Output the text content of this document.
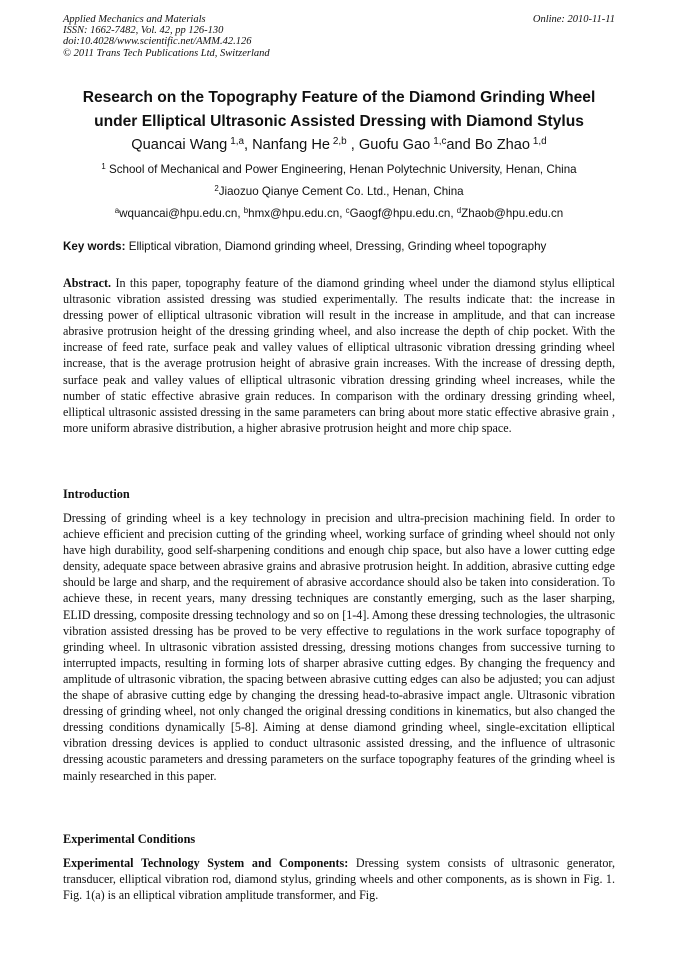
Applied Mechanics and Materials
ISSN: 1662-7482, Vol. 42, pp 126-130
doi:10.4028/www.scientific.net/AMM.42.126
© 2011 Trans Tech Publications Ltd, Switzerland
Online: 2010-11-11
Research on the Topography Feature of the Diamond Grinding Wheel
under Elliptical Ultrasonic Assisted Dressing with Diamond Stylus
Quancai Wang  $^{1,a}$, Nanfang He  $^{2,b}$ , Guofu Gao  $^{1,c}$and Bo Zhao  $^{1,d}$
$^1$ School of Mechanical and Power Engineering, Henan Polytechnic University, Henan, China
$^2$Jiaozuo Qianye Cement Co. Ltd., Henan, China
$^a$wquancai@hpu.edu.cn, $^b$hmx@hpu.edu.cn, $^c$Gaogf@hpu.edu.cn, $^d$Zhaob@hpu.edu.cn
Key words: Elliptical vibration, Diamond grinding wheel, Dressing, Grinding wheel topography
Abstract. In this paper, topography feature of the diamond grinding wheel under the diamond stylus elliptical ultrasonic vibration assisted dressing was studied experimentally. The results indicate that: the increase in dressing power of elliptical ultrasonic vibration will result in the increase in amplitude, and that can increase abrasive protrusion height of the dressing grinding wheel, and also increase the depth of chip pocket. With the increase of feed rate, surface peak and valley values of elliptical ultrasonic vibration dressing grinding wheel increase, that is the average protrusion height of abrasive grain increases. With the increase of dressing depth, surface peak and valley values of elliptical ultrasonic vibration dressing grinding wheel increases, while the number of static effective abrasive grain reduces. In comparison with the ordinary dressing grinding wheel, elliptical ultrasonic assisted dressing in the same parameters can bring about more static effective abrasive grain , more uniform abrasive distribution, a higher abrasive protrusion height and more chip space.
Introduction
Dressing of grinding wheel is a key technology in precision and ultra-precision machining field. In order to achieve efficient and precision cutting of the grinding wheel, working surface of grinding wheel should not only have high durability, good self-sharpening conditions and enough chip space, but also have a lower cutting edge density, adequate space between abrasive grains and abrasive protrusion height. In addition, abrasive cutting edge should be large and sharp, and the requirement of abrasive accordance should also be taken into consideration. To achieve these, in recent years, many dressing techniques are constantly emerging, such as the laser sharping, ELID dressing, composite dressing technology and so on [1-4]. Among these dressing technologies, the ultrasonic vibration assisted dressing has be proved to be very effective to regulations in the work surface topography of grinding wheel. In ultrasonic vibration assisted dressing, dressing motions changes from successive turning to interrupted impacts, resulting in forming lots of sharper abrasive cutting edges. By changing the frequency and amplitude of ultrasonic vibration, the spacing between abrasive cutting edges can also be adjusted; you can adjust the shape of abrasive cutting edge by changing the dressing head-to-abrasive impact angle. Ultrasonic vibration dressing of grinding wheel, not only changed the original dressing conditions in kinematics, but also changed the dressing conditions dynamically [5-8]. Aiming at dense diamond grinding wheel, single-excitation elliptical vibration dressing devices is applied to conduct ultrasonic assisted dressing, and the influence of ultrasonic dressing acoustic parameters and dressing parameters on the surface topography features of the grinding wheel is mainly researched in this paper.
Experimental Conditions
Experimental Technology System and Components: Dressing system consists of ultrasonic generator, transducer, elliptical vibration rod, diamond stylus, grinding wheels and other components, as is shown in Fig. 1. Fig. 1(a) is an elliptical vibration amplitude transformer, and Fig.
